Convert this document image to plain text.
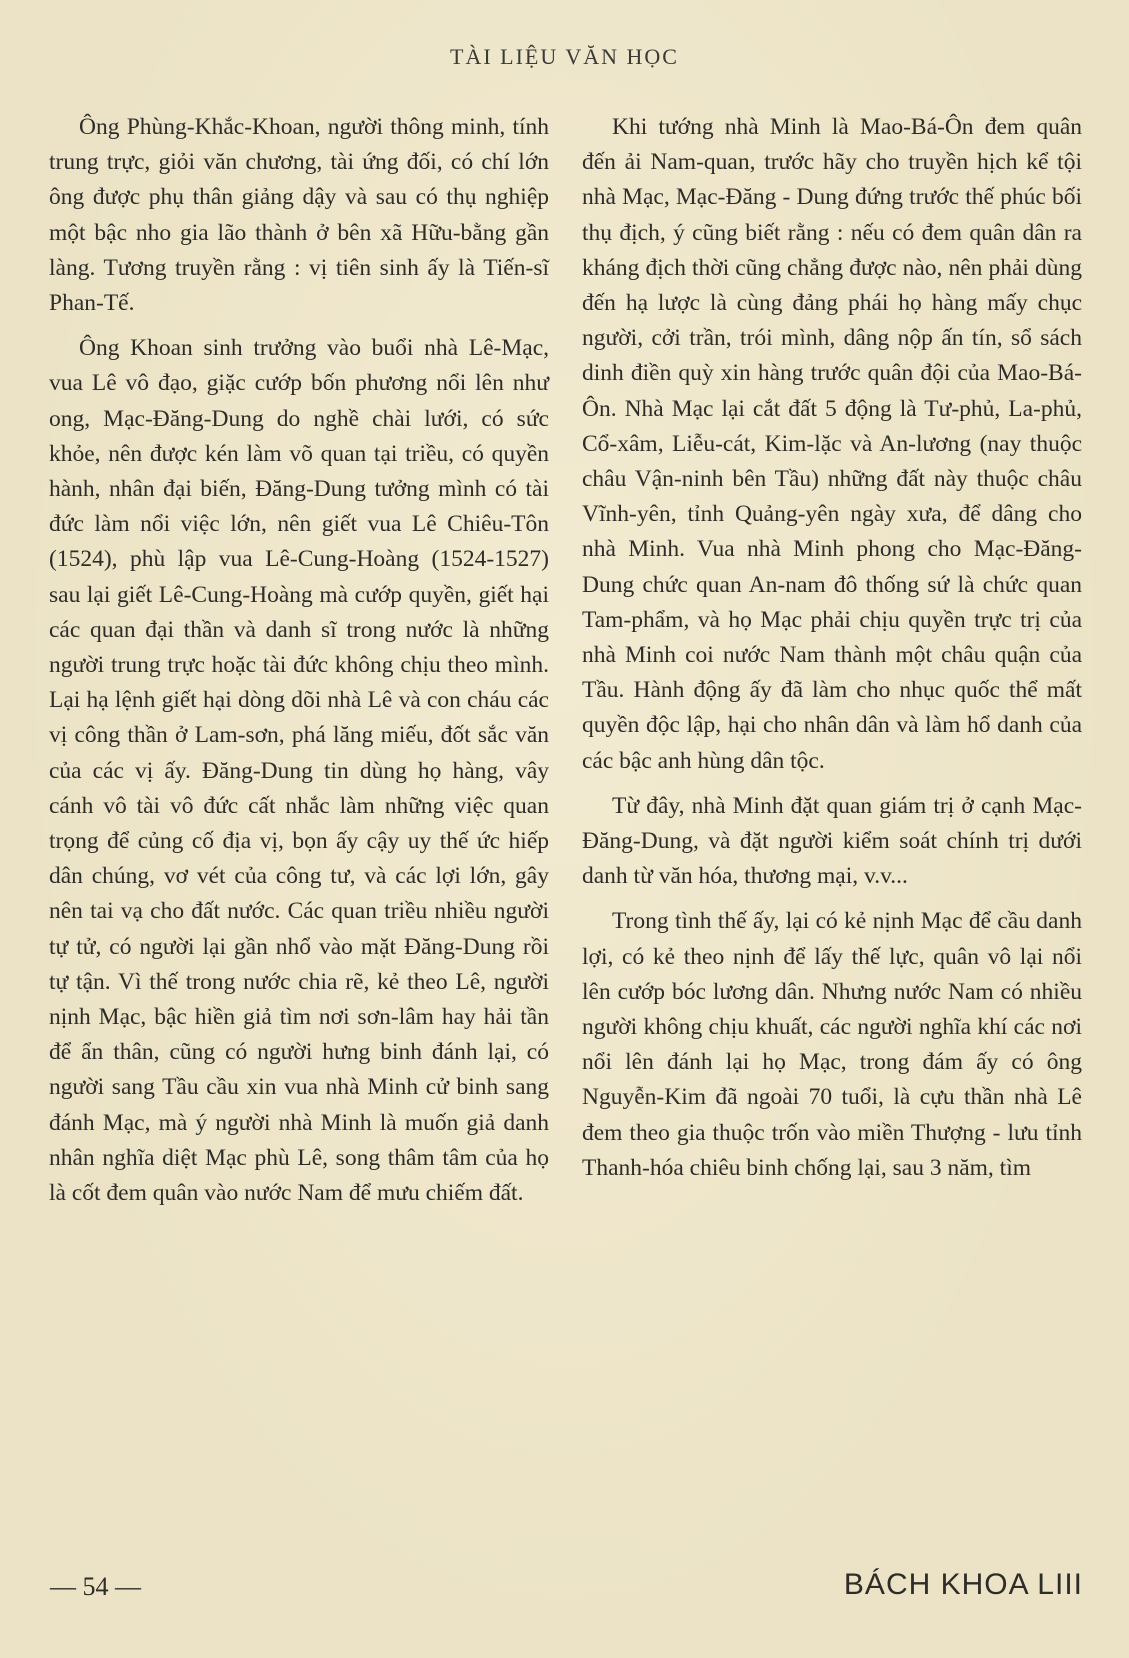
TÀI LIỆU VĂN HỌC

Ông Phùng-Khắc-Khoan, người thông minh, tính trung trực, giỏi văn chương, tài ứng đối, có chí lớn ông được phụ thân giảng dậy và sau có thụ nghiệp một bậc nho gia lão thành ở bên xã Hữu-bằng gần làng. Tương truyền rằng : vị tiên sinh ấy là Tiến-sĩ Phan-Tế.

Ông Khoan sinh trưởng vào buổi nhà Lê-Mạc, vua Lê vô đạo, giặc cướp bốn phương nổi lên như ong, Mạc-Đăng-Dung do nghề chài lưới, có sức khỏe, nên được kén làm võ quan tại triều, có quyền hành, nhân đại biến, Đăng-Dung tưởng mình có tài đức làm nổi việc lớn, nên giết vua Lê Chiêu-Tôn (1524), phù lập vua Lê-Cung-Hoàng (1524-1527) sau lại giết Lê-Cung-Hoàng mà cướp quyền, giết hại các quan đại thần và danh sĩ trong nước là những người trung trực hoặc tài đức không chịu theo mình. Lại hạ lệnh giết hại dòng dõi nhà Lê và con cháu các vị công thần ở Lam-sơn, phá lăng miếu, đốt sắc văn của các vị ấy. Đăng-Dung tin dùng họ hàng, vây cánh vô tài vô đức cất nhắc làm những việc quan trọng để củng cố địa vị, bọn ấy cậy uy thế ức hiếp dân chúng, vơ vét của công tư, và các lợi lớn, gây nên tai vạ cho đất nước. Các quan triều nhiều người tự tử, có người lại gần nhổ vào mặt Đăng-Dung rồi tự tận. Vì thế trong nước chia rẽ, kẻ theo Lê, người nịnh Mạc, bậc hiền giả tìm nơi sơn-lâm hay hải tần để ẩn thân, cũng có người hưng binh đánh lại, có người sang Tầu cầu xin vua nhà Minh cử binh sang đánh Mạc, mà ý người nhà Minh là muốn giả danh nhân nghĩa diệt Mạc phù Lê, song thâm tâm của họ là cốt đem quân vào nước Nam để mưu chiếm đất.

Khi tướng nhà Minh là Mao-Bá-Ôn đem quân đến ải Nam-quan, trước hãy cho truyền hịch kể tội nhà Mạc, Mạc-Đăng - Dung đứng trước thế phúc bối thụ địch, ý cũng biết rằng : nếu có đem quân dân ra kháng địch thời cũng chẳng được nào, nên phải dùng đến hạ lược là cùng đảng phái họ hàng mấy chục người, cởi trần, trói mình, dâng nộp ấn tín, sổ sách dinh điền quỳ xin hàng trước quân đội của Mao-Bá-Ôn. Nhà Mạc lại cắt đất 5 động là Tư-phủ, La-phủ, Cổ-xâm, Liễu-cát, Kim-lặc và An-lương (nay thuộc châu Vận-ninh bên Tầu) những đất này thuộc châu Vĩnh-yên, tỉnh Quảng-yên ngày xưa, để dâng cho nhà Minh. Vua nhà Minh phong cho Mạc-Đăng-Dung chức quan An-nam đô thống sứ là chức quan Tam-phẩm, và họ Mạc phải chịu quyền trực trị của nhà Minh coi nước Nam thành một châu quận của Tầu. Hành động ấy đã làm cho nhục quốc thể mất quyền độc lập, hại cho nhân dân và làm hổ danh của các bậc anh hùng dân tộc.

Từ đây, nhà Minh đặt quan giám trị ở cạnh Mạc-Đăng-Dung, và đặt người kiểm soát chính trị dưới danh từ văn hóa, thương mại, v.v...

Trong tình thế ấy, lại có kẻ nịnh Mạc để cầu danh lợi, có kẻ theo nịnh để lấy thế lực, quân vô lại nổi lên cướp bóc lương dân. Nhưng nước Nam có nhiều người không chịu khuất, các người nghĩa khí các nơi nổi lên đánh lại họ Mạc, trong đám ấy có ông Nguyễn-Kim đã ngoài 70 tuổi, là cựu thần nhà Lê đem theo gia thuộc trốn vào miền Thượng - lưu tỉnh Thanh-hóa chiêu binh chống lại, sau 3 năm, tìm

— 54 —	BÁCH KHOA LIII
